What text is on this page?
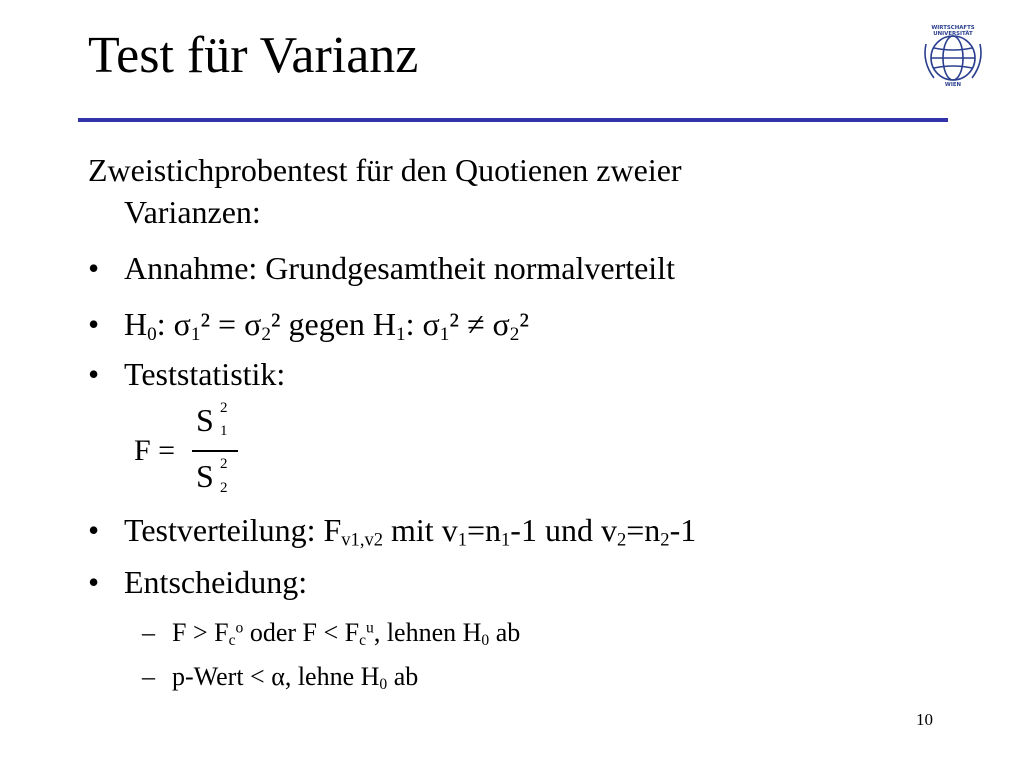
Test für Varianz	WIRTSCHAFTS
UNIVERSITÄT
WIEN
Zweistichprobentest für den Quotienen zweier
Varianzen:
• Annahme: Grundgesamtheit normalverteilt
• $H_0$: $\sigma_1^2 = \sigma_2^2$ gegen $H_1$: $\sigma_1^2 \ne \sigma_2^2$
• Teststatistik:
F =
S 2
1
S 2
2
• Testverteilung: Fv1,v2 mit v1=n1-1 und v2=n2-1
• Entscheidung:
– $F > F_c^o$ oder $F < F_c^u$, lehnen $H_0$ ab
– p-Wert < α, lehne $H_0$ ab
10
